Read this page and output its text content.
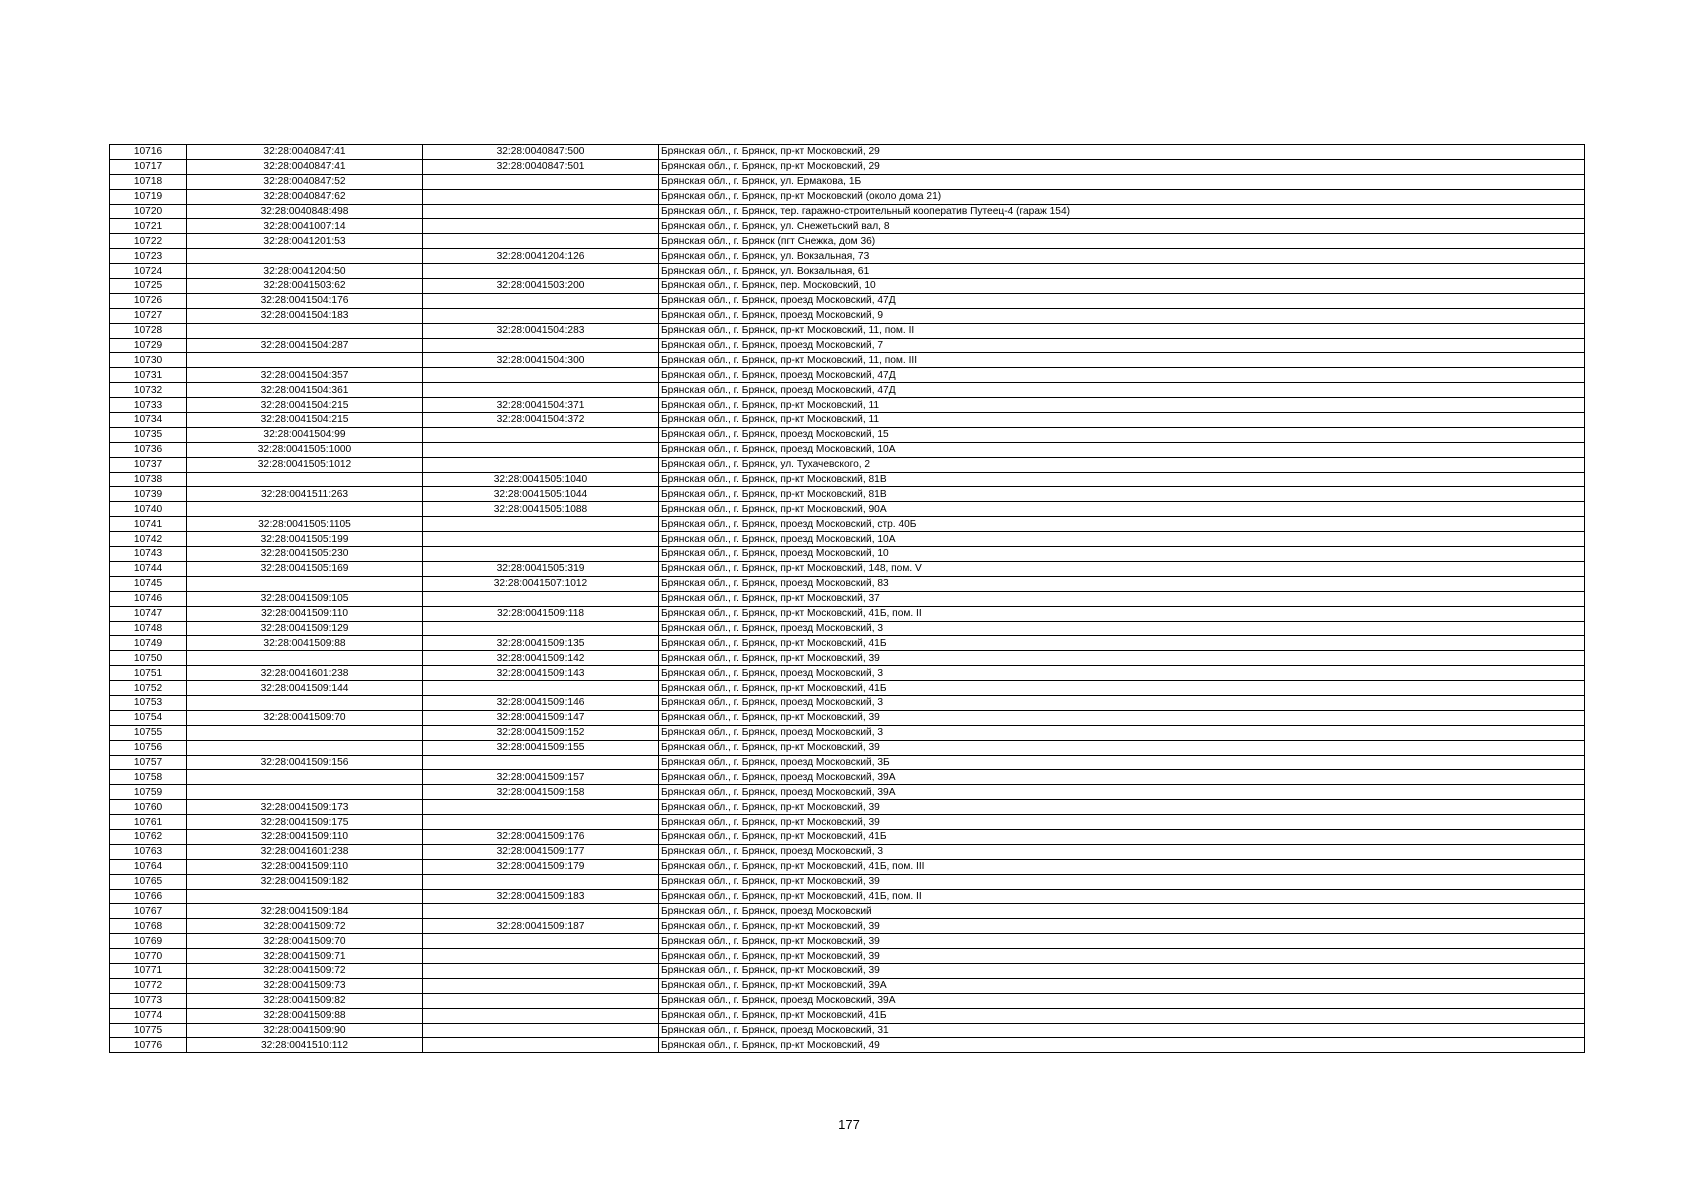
10716	32:28:0040847:41	32:28:0040847:500	Брянская обл., г. Брянск, пр-кт Московский, 29
10717	32:28:0040847:41	32:28:0040847:501	Брянская обл., г. Брянск, пр-кт Московский, 29
10718	32:28:0040847:52		Брянская обл., г. Брянск, ул. Ермакова, 1Б
10719	32:28:0040847:62		Брянская обл., г. Брянск, пр-кт Московский (около дома 21)
10720	32:28:0040848:498		Брянская обл., г. Брянск, тер. гаражно-строительный кооператив Путеец-4 (гараж 154)
10721	32:28:0041007:14		Брянская обл., г. Брянск, ул. Снежетьский вал, 8
10722	32:28:0041201:53		Брянская обл., г. Брянск (пгт Снежка, дом 36)
10723		32:28:0041204:126	Брянская обл., г. Брянск, ул. Вокзальная, 73
10724	32:28:0041204:50		Брянская обл., г. Брянск, ул. Вокзальная, 61
10725	32:28:0041503:62	32:28:0041503:200	Брянская обл., г. Брянск, пер. Московский, 10
10726	32:28:0041504:176		Брянская обл., г. Брянск, проезд Московский, 47Д
10727	32:28:0041504:183		Брянская обл., г. Брянск, проезд Московский, 9
10728		32:28:0041504:283	Брянская обл., г. Брянск, пр-кт Московский, 11, пом. II
10729	32:28:0041504:287		Брянская обл., г. Брянск, проезд Московский, 7
10730		32:28:0041504:300	Брянская обл., г. Брянск, пр-кт Московский, 11, пом. III
10731	32:28:0041504:357		Брянская обл., г. Брянск, проезд Московский, 47Д
10732	32:28:0041504:361		Брянская обл., г. Брянск, проезд Московский, 47Д
10733	32:28:0041504:215	32:28:0041504:371	Брянская обл., г. Брянск, пр-кт Московский, 11
10734	32:28:0041504:215	32:28:0041504:372	Брянская обл., г. Брянск, пр-кт Московский, 11
10735	32:28:0041504:99		Брянская обл., г. Брянск, проезд Московский, 15
10736	32:28:0041505:1000		Брянская обл., г. Брянск, проезд Московский, 10А
10737	32:28:0041505:1012		Брянская обл., г. Брянск, ул. Тухачевского, 2
10738		32:28:0041505:1040	Брянская обл., г. Брянск, пр-кт Московский, 81В
10739	32:28:0041511:263	32:28:0041505:1044	Брянская обл., г. Брянск, пр-кт Московский, 81В
10740		32:28:0041505:1088	Брянская обл., г. Брянск, пр-кт Московский, 90А
10741	32:28:0041505:1105		Брянская обл., г. Брянск, проезд Московский, стр. 40Б
10742	32:28:0041505:199		Брянская обл., г. Брянск, проезд Московский, 10А
10743	32:28:0041505:230		Брянская обл., г. Брянск, проезд Московский, 10
10744	32:28:0041505:169	32:28:0041505:319	Брянская обл., г. Брянск, пр-кт Московский, 148, пом. V
10745		32:28:0041507:1012	Брянская обл., г. Брянск, проезд Московский, 83
10746	32:28:0041509:105		Брянская обл., г. Брянск, пр-кт Московский, 37
10747	32:28:0041509:110	32:28:0041509:118	Брянская обл., г. Брянск, пр-кт Московский, 41Б, пом. II
10748	32:28:0041509:129		Брянская обл., г. Брянск, проезд Московский, 3
10749	32:28:0041509:88	32:28:0041509:135	Брянская обл., г. Брянск, пр-кт Московский, 41Б
10750		32:28:0041509:142	Брянская обл., г. Брянск, пр-кт Московский, 39
10751	32:28:0041601:238	32:28:0041509:143	Брянская обл., г. Брянск, проезд Московский, 3
10752	32:28:0041509:144		Брянская обл., г. Брянск, пр-кт Московский, 41Б
10753		32:28:0041509:146	Брянская обл., г. Брянск, проезд Московский, 3
10754	32:28:0041509:70	32:28:0041509:147	Брянская обл., г. Брянск, пр-кт Московский, 39
10755		32:28:0041509:152	Брянская обл., г. Брянск, проезд Московский, 3
10756		32:28:0041509:155	Брянская обл., г. Брянск, пр-кт Московский, 39
10757	32:28:0041509:156		Брянская обл., г. Брянск, проезд Московский, 3Б
10758		32:28:0041509:157	Брянская обл., г. Брянск, проезд Московский, 39А
10759		32:28:0041509:158	Брянская обл., г. Брянск, проезд Московский, 39А
10760	32:28:0041509:173		Брянская обл., г. Брянск, пр-кт Московский, 39
10761	32:28:0041509:175		Брянская обл., г. Брянск, пр-кт Московский, 39
10762	32:28:0041509:110	32:28:0041509:176	Брянская обл., г. Брянск, пр-кт Московский, 41Б
10763	32:28:0041601:238	32:28:0041509:177	Брянская обл., г. Брянск, проезд Московский, 3
10764	32:28:0041509:110	32:28:0041509:179	Брянская обл., г. Брянск, пр-кт Московский, 41Б, пом. III
10765	32:28:0041509:182		Брянская обл., г. Брянск, пр-кт Московский, 39
10766		32:28:0041509:183	Брянская обл., г. Брянск, пр-кт Московский, 41Б, пом. II
10767	32:28:0041509:184		Брянская обл., г. Брянск, проезд Московский
10768	32:28:0041509:72	32:28:0041509:187	Брянская обл., г. Брянск, пр-кт Московский, 39
10769	32:28:0041509:70		Брянская обл., г. Брянск, пр-кт Московский, 39
10770	32:28:0041509:71		Брянская обл., г. Брянск, пр-кт Московский, 39
10771	32:28:0041509:72		Брянская обл., г. Брянск, пр-кт Московский, 39
10772	32:28:0041509:73		Брянская обл., г. Брянск, пр-кт Московский, 39А
10773	32:28:0041509:82		Брянская обл., г. Брянск, проезд Московский, 39А
10774	32:28:0041509:88		Брянская обл., г. Брянск, пр-кт Московский, 41Б
10775	32:28:0041509:90		Брянская обл., г. Брянск, проезд Московский, 31
10776	32:28:0041510:112		Брянская обл., г. Брянск, пр-кт Московский, 49
177
